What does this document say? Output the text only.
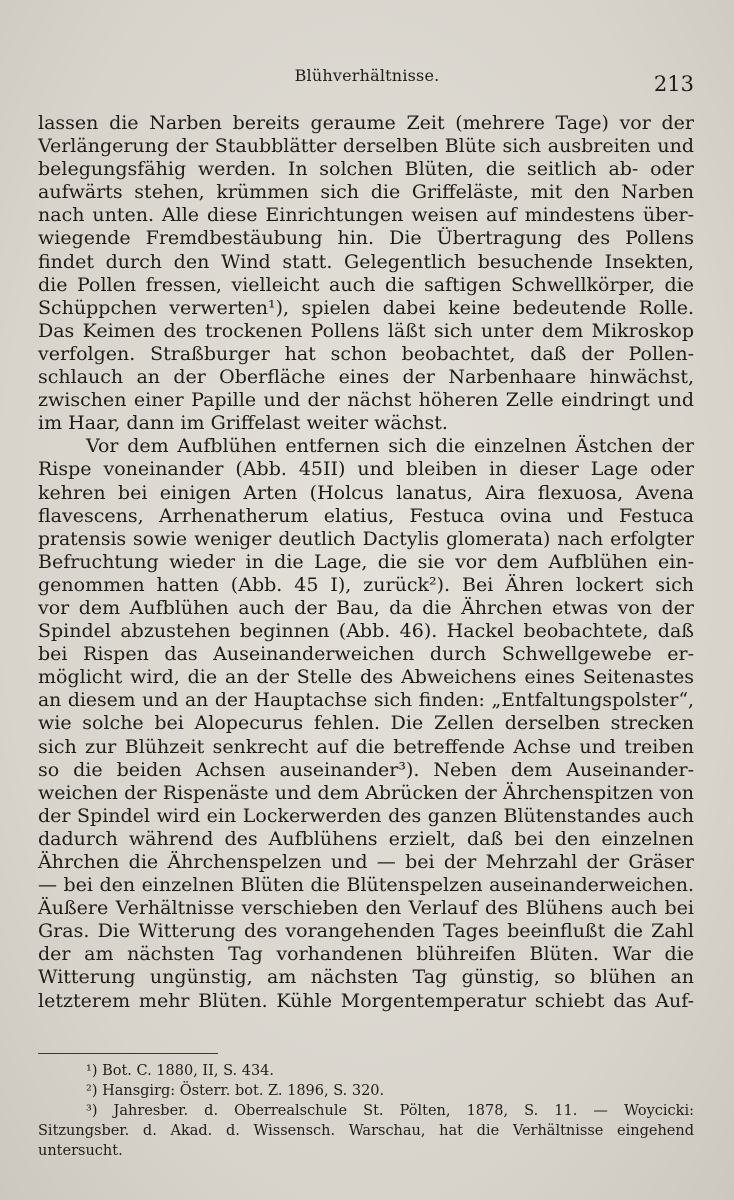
Blühverhältnisse.	213
lassen die Narben bereits geraume Zeit (mehrere Tage) vor der
Verlängerung der Staubblätter derselben Blüte sich ausbreiten und
belegungsfähig werden. In solchen Blüten, die seitlich ab- oder
aufwärts stehen, krümmen sich die Griffeläste, mit den Narben
nach unten. Alle diese Einrichtungen weisen auf mindestens über-
wiegende Fremdbestäubung hin. Die Übertragung des Pollens
findet durch den Wind statt. Gelegentlich besuchende Insekten,
die Pollen fressen, vielleicht auch die saftigen Schwellkörper, die
Schüppchen verwerten¹), spielen dabei keine bedeutende Rolle.
Das Keimen des trockenen Pollens läßt sich unter dem Mikroskop
verfolgen. Straßburger hat schon beobachtet, daß der Pollen-
schlauch an der Oberfläche eines der Narbenhaare hinwächst,
zwischen einer Papille und der nächst höheren Zelle eindringt und
im Haar, dann im Griffelast weiter wächst.
Vor dem Aufblühen entfernen sich die einzelnen Ästchen der
Rispe voneinander (Abb. 45II) und bleiben in dieser Lage oder
kehren bei einigen Arten (Holcus lanatus, Aira flexuosa, Avena
flavescens, Arrhenatherum elatius, Festuca ovina und Festuca
pratensis sowie weniger deutlich Dactylis glomerata) nach erfolgter
Befruchtung wieder in die Lage, die sie vor dem Aufblühen ein-
genommen hatten (Abb. 45 I), zurück²). Bei Ähren lockert sich
vor dem Aufblühen auch der Bau, da die Ährchen etwas von der
Spindel abzustehen beginnen (Abb. 46). Hackel beobachtete, daß
bei Rispen das Auseinanderweichen durch Schwellgewebe er-
möglicht wird, die an der Stelle des Abweichens eines Seitenastes
an diesem und an der Hauptachse sich finden: „Entfaltungspolster“,
wie solche bei Alopecurus fehlen. Die Zellen derselben strecken
sich zur Blühzeit senkrecht auf die betreffende Achse und treiben
so die beiden Achsen auseinander³). Neben dem Auseinander-
weichen der Rispenäste und dem Abrücken der Ährchenspitzen von
der Spindel wird ein Lockerwerden des ganzen Blütenstandes auch
dadurch während des Aufblühens erzielt, daß bei den einzelnen
Ährchen die Ährchenspelzen und — bei der Mehrzahl der Gräser
— bei den einzelnen Blüten die Blütenspelzen auseinanderweichen.
Äußere Verhältnisse verschieben den Verlauf des Blühens auch bei
Gras. Die Witterung des vorangehenden Tages beeinflußt die Zahl
der am nächsten Tag vorhandenen blühreifen Blüten. War die
Witterung ungünstig, am nächsten Tag günstig, so blühen an
letzterem mehr Blüten. Kühle Morgentemperatur schiebt das Auf-
¹) Bot. C. 1880, II, S. 434.
²) Hansgirg: Österr. bot. Z. 1896, S. 320.
³) Jahresber. d. Oberrealschule St. Pölten, 1878, S. 11. — Woycicki:
Sitzungsber. d. Akad. d. Wissensch. Warschau, hat die Verhältnisse eingehend
untersucht.
